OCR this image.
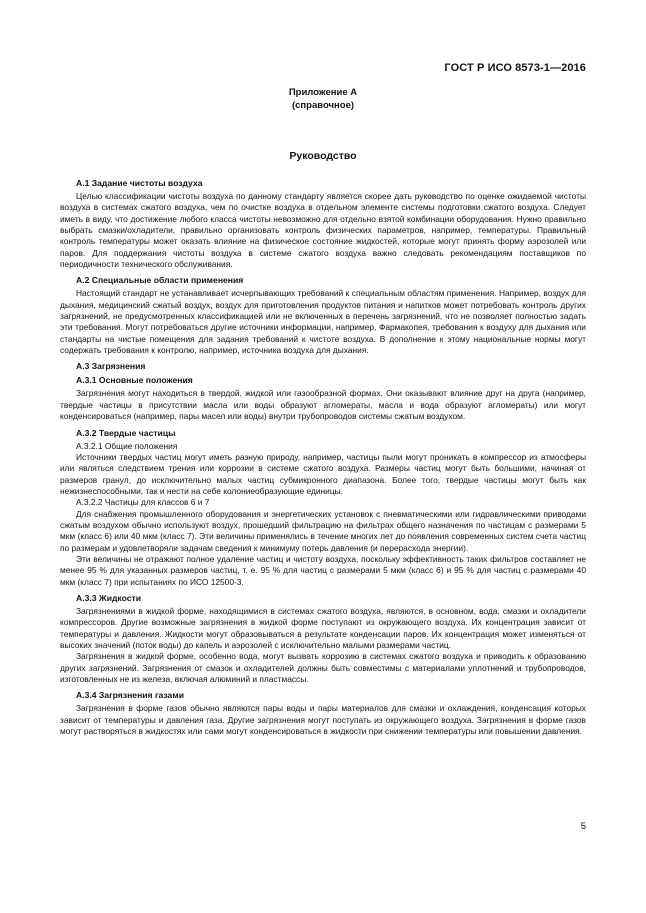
ГОСТ Р ИСО 8573-1—2016
Приложение А
(справочное)
Руководство
А.1 Задание чистоты воздуха

Целью классификации чистоты воздуха по данному стандарту является скорее дать руководство по оценке ожидаемой чистоты воздуха в системах сжатого воздуха, чем по очистке воздуха в отдельном элементе системы подготовки сжатого воздуха. Следует иметь в виду, что достижение любого класса чистоты невозможно для отдельно взятой комбинации оборудования. Нужно правильно выбрать смазки/охладители, правильно организовать контроль физических параметров, например, температуры. Правильный контроль температуры может оказать влияние на физическое состояние жидкостей, которые могут принять форму аэрозолей или паров. Для поддержания чистоты воздуха в системе сжатого воздуха важно следовать рекомендациям поставщиков по периодичности технического обслуживания.

А.2 Специальные области применения

Настоящий стандарт не устанавливает исчерпывающих требований к специальным областям применения. Например, воздух для дыхания, медицинский сжатый воздух, воздух для приготовления продуктов питания и напитков может потребовать контроль других загрязнений, не предусмотренных классификацией или не включенных в перечень загрязнений, что не позволяет полностью задать эти требования. Могут потребоваться другие источники информации, например, Фармакопея, требования к воздуху для дыхания или стандарты на чистые помещения для задания требований к чистоте воздуха. В дополнение к этому национальные нормы могут содержать требования к контролю, например, источника воздуха для дыхания.

А.3 Загрязнения
А.3.1 Основные положения

Загрязнения могут находиться в твердой, жидкой или газообразной формах. Они оказывают влияние друг на друга (например, твердые частицы в присутствии масла или воды образуют агломераты, масла и вода образуют агломераты) или могут конденсироваться (например, пары масел или воды) внутри трубопроводов системы сжатым воздухом.

А.3.2 Твердые частицы
А.3.2.1 Общие положения

Источники твердых частиц могут иметь разную природу, например, частицы пыли могут проникать в компрессор из атмосферы или являться следствием трения или коррозии в системе сжатого воздуха. Размеры частиц могут быть большими, начиная от размеров гранул, до исключительно малых частиц субмикронного диапазона. Более того, твердые частицы могут быть как нежизнеспособными, так и нести на себе колониеобразующие единицы.

А.3.2.2 Частицы для классов 6 и 7

Для снабжения промышленного оборудования и энергетических установок с пневматическими или гидравлическими приводами сжатым воздухом обычно используют воздух, прошедший фильтрацию на фильтрах общего назначения по частицам с размерами 5 мкм (класс 6) или 40 мкм (класс 7). Эти величины применялись в течение многих лет до появления современных систем счета частиц по размерам и удовлетворяли задачам сведения к минимуму потерь давления (и перерасхода энергии).

Эти величины не отражают полное удаление частиц и чистоту воздуха, поскольку эффективность таких фильтров составляет не менее 95 % для указанных размеров частиц, т. е. 95 % для частиц с размерами 5 мкм (класс 6) и 95 % для частиц с размерами 40 мкм (класс 7) при испытаниях по ИСО 12500-3.

А.3.3 Жидкости

Загрязнениями в жидкой форме, находящимися в системах сжатого воздуха, являются, в основном, вода, смазки и охладители компрессоров. Другие возможные загрязнения в жидкой форме поступают из окружающего воздуха. Их концентрация зависит от температуры и давления. Жидкости могут образовываться в результате конденсации паров. Их концентрация может изменяться от высоких значений (поток воды) до капель и аэрозолей с исключительно малыми размерами частиц.

Загрязнения в жидкой форме, особенно вода, могут вызвать коррозию в системах сжатого воздуха и приводить к образованию других загрязнений. Загрязнения от смазок и охладителей должны быть совместимы с материалами уплотнений и трубопроводов, изготовленных не из железа, включая алюминий и пластмассы.

А.3.4 Загрязнения газами

Загрязнения в форме газов обычно являются пары воды и пары материалов для смазки и охлаждения, конденсация которых зависит от температуры и давления газа. Другие загрязнения могут поступать из окружающего воздуха. Загрязнения в форме газов могут растворяться в жидкостях или сами могут конденсироваться в жидкости при снижении температуры или повышении давления.

5
